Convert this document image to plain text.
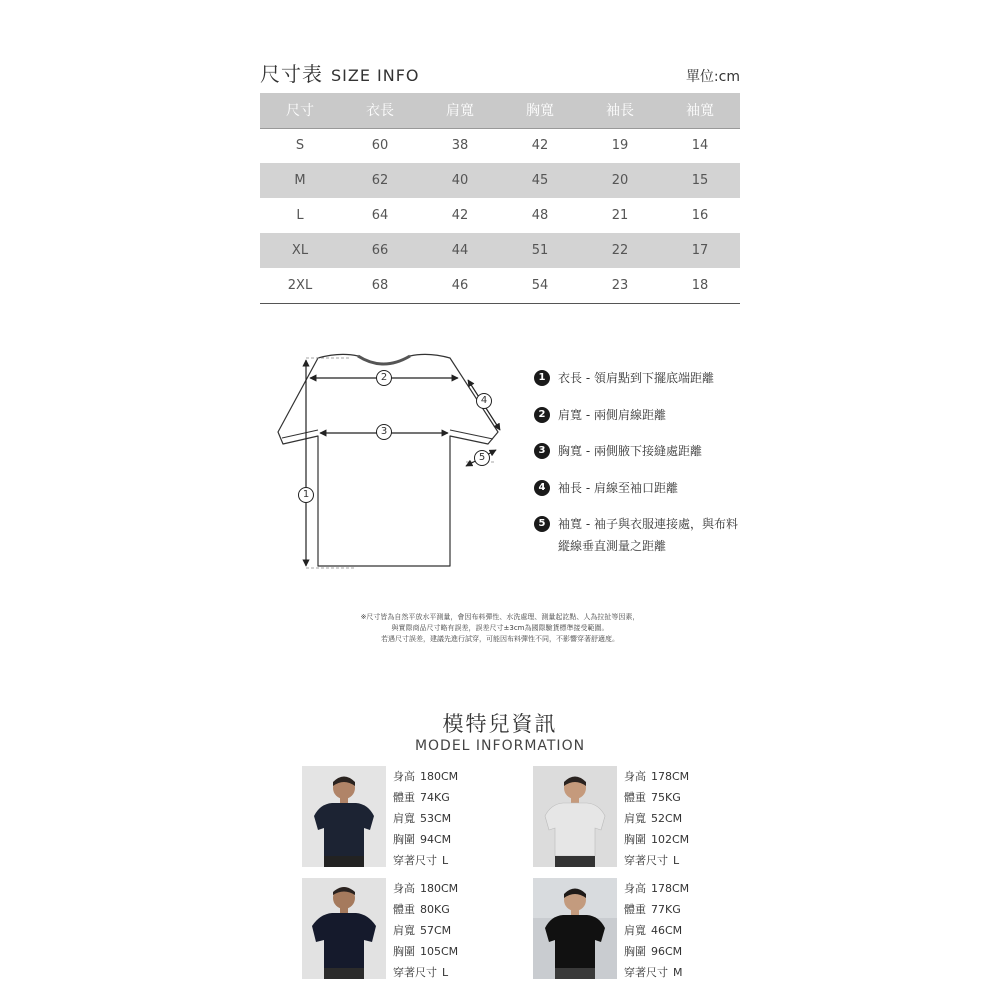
尺寸表 SIZE INFO	單位:cm
尺寸	衣長	肩寬	胸寬	袖長	袖寬
S	60	38	42	19	14
M	62	40	45	20	15
L	64	42	48	21	16
XL	66	44	51	22	17
2XL	68	46	54	23	18
1
2
3
4
5
1	衣長 - 領肩點到下擺底端距離
2	肩寬 - 兩側肩線距離
3	胸寬 - 兩側腋下接縫處距離
4	袖長 - 肩線至袖口距離
5	袖寬 - 袖子與衣服連接處，與布料縱線垂直測量之距離
※尺寸皆為自然平放水平測量，會因布料彈性、水洗處理、測量起訖點、人為拉扯等因素，
與實際商品尺寸略有誤差，誤差尺寸±3cm為國際驗貨標準接受範圍。
若遇尺寸誤差，建議先進行試穿，可能因布料彈性不同，不影響穿著舒適度。
模特兒資訊
MODEL INFORMATION
身高 180CM
體重 74KG
肩寬 53CM
胸圍 94CM
穿著尺寸 L
身高 178CM
體重 75KG
肩寬 52CM
胸圍 102CM
穿著尺寸 L
身高 180CM
體重 80KG
肩寬 57CM
胸圍 105CM
穿著尺寸 L
身高 178CM
體重 77KG
肩寬 46CM
胸圍 96CM
穿著尺寸 M
